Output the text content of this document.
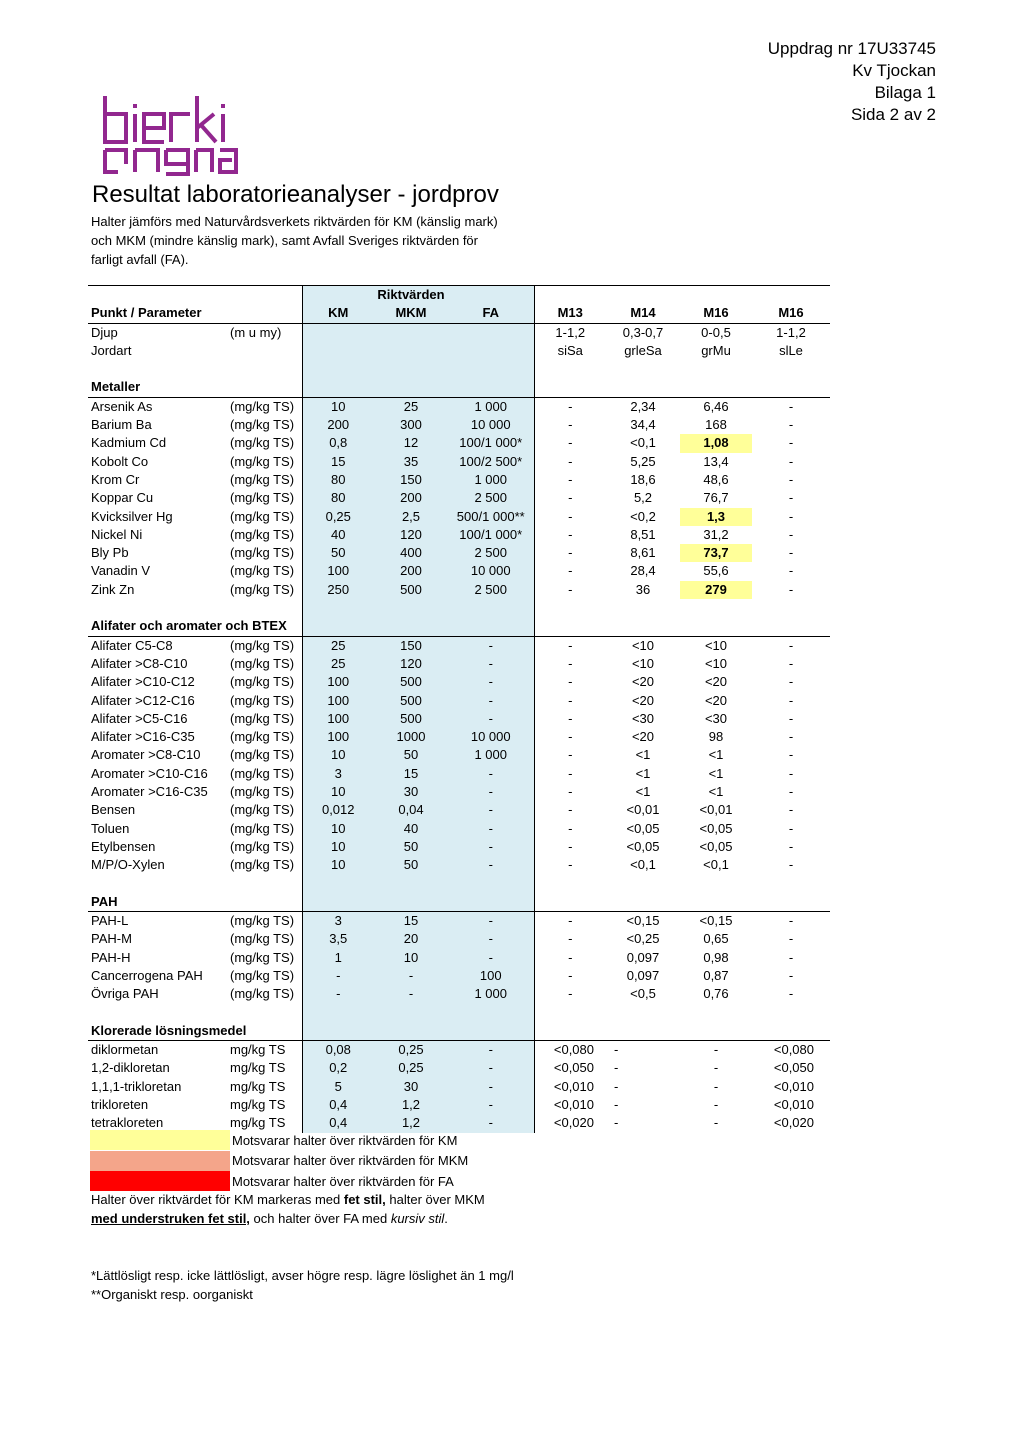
Uppdrag nr 17U33745
Kv Tjockan
Bilaga 1
Sida 2 av 2
Resultat laboratorieanalyser - jordprov
Halter jämförs med Naturvårdsverkets riktvärden för KM (känslig mark)
och MKM (mindre känslig mark), samt Avfall Sveriges riktvärden för
farligt avfall (FA).
			Riktvärden					
Punkt / Parameter		KM	MKM	FA	M13	M14	M16	M16
Djup	(m u my)				1-1,2	0,3-0,7	0-0,5	1-1,2
Jordart					siSa	grleSa	grMu	slLe

Metaller								
Arsenik As	(mg/kg TS)	10	25	1 000	-	2,34	6,46	-
Barium Ba	(mg/kg TS)	200	300	10 000	-	34,4	168	-
Kadmium Cd	(mg/kg TS)	0,8	12	100/1 000*	-	<0,1	1,08	-
Kobolt Co	(mg/kg TS)	15	35	100/2 500*	-	5,25	13,4	-
Krom Cr	(mg/kg TS)	80	150	1 000	-	18,6	48,6	-
Koppar Cu	(mg/kg TS)	80	200	2 500	-	5,2	76,7	-
Kvicksilver Hg	(mg/kg TS)	0,25	2,5	500/1 000**	-	<0,2	1,3	-
Nickel Ni	(mg/kg TS)	40	120	100/1 000*	-	8,51	31,2	-
Bly Pb	(mg/kg TS)	50	400	2 500	-	8,61	73,7	-
Vanadin V	(mg/kg TS)	100	200	10 000	-	28,4	55,6	-
Zink Zn	(mg/kg TS)	250	500	2 500	-	36	279	-

Alifater och aromater och BTEX								
Alifater C5-C8	(mg/kg TS)	25	150	-	-	<10	<10	-
Alifater >C8-C10	(mg/kg TS)	25	120	-	-	<10	<10	-
Alifater >C10-C12	(mg/kg TS)	100	500	-	-	<20	<20	-
Alifater >C12-C16	(mg/kg TS)	100	500	-	-	<20	<20	-
Alifater >C5-C16	(mg/kg TS)	100	500	-	-	<30	<30	-
Alifater >C16-C35	(mg/kg TS)	100	1000	10 000	-	<20	98	-
Aromater >C8-C10	(mg/kg TS)	10	50	1 000	-	<1	<1	-
Aromater >C10-C16	(mg/kg TS)	3	15	-	-	<1	<1	-
Aromater >C16-C35	(mg/kg TS)	10	30	-	-	<1	<1	-
Bensen	(mg/kg TS)	0,012	0,04	-	-	<0,01	<0,01	-
Toluen	(mg/kg TS)	10	40	-	-	<0,05	<0,05	-
Etylbensen	(mg/kg TS)	10	50	-	-	<0,05	<0,05	-
M/P/O-Xylen	(mg/kg TS)	10	50	-	-	<0,1	<0,1	-

PAH								
PAH-L	(mg/kg TS)	3	15	-	-	<0,15	<0,15	-
PAH-M	(mg/kg TS)	3,5	20	-	-	<0,25	0,65	-
PAH-H	(mg/kg TS)	1	10	-	-	0,097	0,98	-
Cancerrogena PAH	(mg/kg TS)	-	-	100	-	0,097	0,87	-
Övriga PAH	(mg/kg TS)	-	-	1 000	-	<0,5	0,76	-

Klorerade lösningsmedel								
diklormetan	mg/kg TS	0,08	0,25	-	<0,080	-	-	<0,080
1,2-dikloretan	mg/kg TS	0,2	0,25	-	<0,050	-	-	<0,050
1,1,1-trikloretan	mg/kg TS	5	30	-	<0,010	-	-	<0,010
trikloreten	mg/kg TS	0,4	1,2	-	<0,010	-	-	<0,010
tetrakloreten	mg/kg TS	0,4	1,2	-	<0,020	-	-	<0,020
Motsvarar halter över riktvärden för KM
Motsvarar halter över riktvärden för MKM
Motsvarar halter över riktvärden för FA
Halter över riktvärdet för KM markeras med fet stil, halter över MKM
med understruken fet stil, och halter över FA med kursiv stil.
*Lättlösligt resp. icke lättlösligt, avser högre resp. lägre löslighet än 1 mg/l
**Organiskt resp. oorganiskt
